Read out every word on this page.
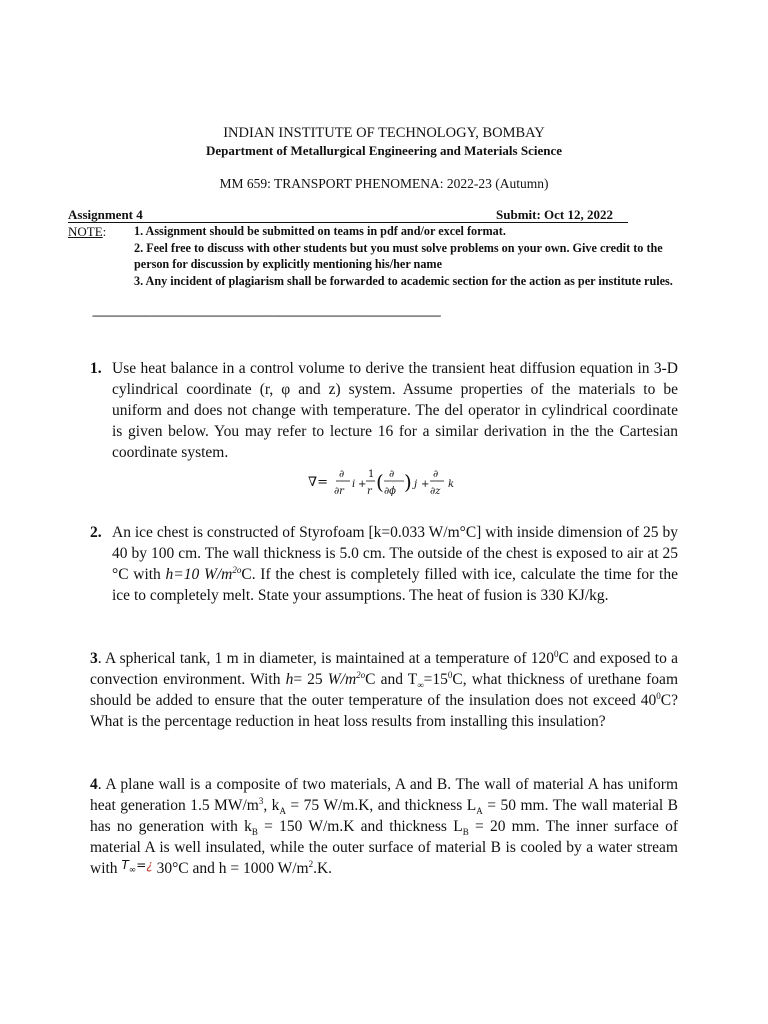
INDIAN INSTITUTE OF TECHNOLOGY, BOMBAY
Department of Metallurgical Engineering and Materials Science
MM 659: TRANSPORT PHENOMENA: 2022-23 (Autumn)
Assignment 4	Submit: Oct 12, 2022
NOTE: 1. Assignment should be submitted on teams in pdf and/or excel format.
2. Feel free to discuss with other students but you must solve problems on your own. Give credit to the person for discussion by explicitly mentioning his/her name
3. Any incident of plagiarism shall be forwarded to academic section for the action as per institute rules.
--------------------------------------------------------------------------------------------------------------------------------------
1. Use heat balance in a control volume to derive the transient heat diffusion equation in 3-D cylindrical coordinate (r, φ and z) system. Assume properties of the materials to be uniform and does not change with temperature. The del operator in cylindrical coordinate is given below. You may refer to lecture 16 for a similar derivation in the the Cartesian coordinate system.
∇=
∂
∂r
i +
1
r ( ∂
∂ϕ ) j +
∂
∂z
k
2. An ice chest is constructed of Styrofoam [k=0.033 W/m°C] with inside dimension of 25 by 40 by 100 cm. The wall thickness is 5.0 cm. The outside of the chest is exposed to air at 25 °C with h=10 $W/m^{2o}C$. If the chest is completely filled with ice, calculate the time for the ice to completely melt. State your assumptions. The heat of fusion is 330 KJ/kg.
3. A spherical tank, 1 m in diameter, is maintained at a temperature of $120^0C$ and exposed to a convection environment. With h= 25 $W/m^{2o}C$ and $T_\infty=15^0C$, what thickness of urethane foam should be added to ensure that the outer temperature of the insulation does not exceed $40^0C$? What is the percentage reduction in heat loss results from installing this insulation?
4. A plane wall is a composite of two materials, A and B. The wall of material A has uniform heat generation 1.5 $MW/m^3$, $k_A = 75$ W/m.K, and thickness $L_A = 50$ mm. The wall material B has no generation with $k_B = 150$ W/m.K and thickness $L_B = 20$ mm. The inner surface of material A is well insulated, while the outer surface of material B is cooled by a water stream with $^{T_\infty=¿}$ 30°C and h = 1000 $W/m^2.K$.
